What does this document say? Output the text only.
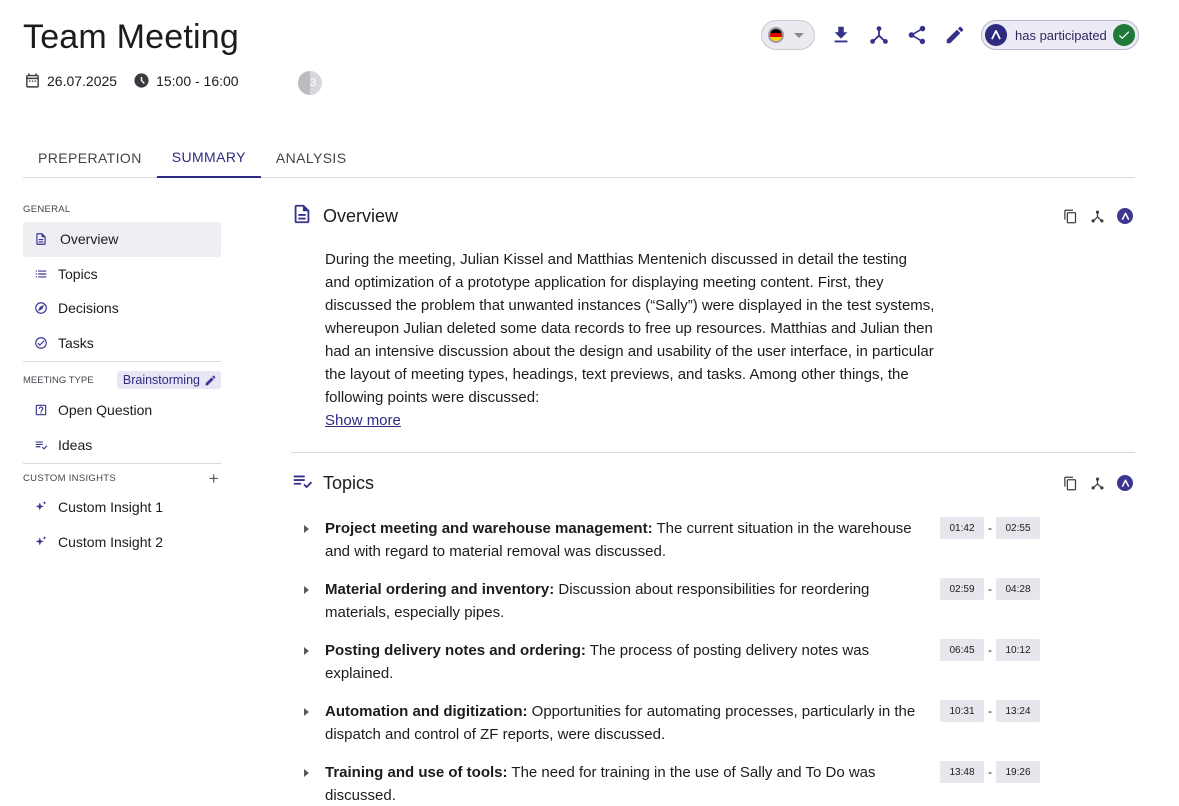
Team Meeting
26.07.2025	15:00 - 16:00	3
has participated
PREPERATION	SUMMARY	ANALYSIS
GENERAL
Overview
Topics
Decisions
Tasks
MEETING TYPE Brainstorming
Open Question
Ideas
CUSTOM INSIGHTS	+
Custom Insight 1
Custom Insight 2
Overview

During the meeting, Julian Kissel and Matthias Mentenich discussed in detail the testing and optimization of a prototype application for displaying meeting content. First, they discussed the problem that unwanted instances (“Sally”) were displayed in the test systems, whereupon Julian deleted some data records to free up resources. Matthias and Julian then had an intensive discussion about the design and usability of the user interface, in particular the layout of meeting types, headings, text previews, and tasks. Among other things, the following points were discussed:

Show more
Topics
Project meeting and warehouse management: The current situation in the warehouse and with regard to material removal was discussed.
01:42	-	02:55
Material ordering and inventory: Discussion about responsibilities for reordering materials, especially pipes.
02:59	-	04:28
Posting delivery notes and ordering: The process of posting delivery notes was explained.
06:45	-	10:12
Automation and digitization: Opportunities for automating processes, particularly in the dispatch and control of ZF reports, were discussed.
10:31	-	13:24
Training and use of tools: The need for training in the use of Sally and To Do was discussed.
13:48	-	19:26
